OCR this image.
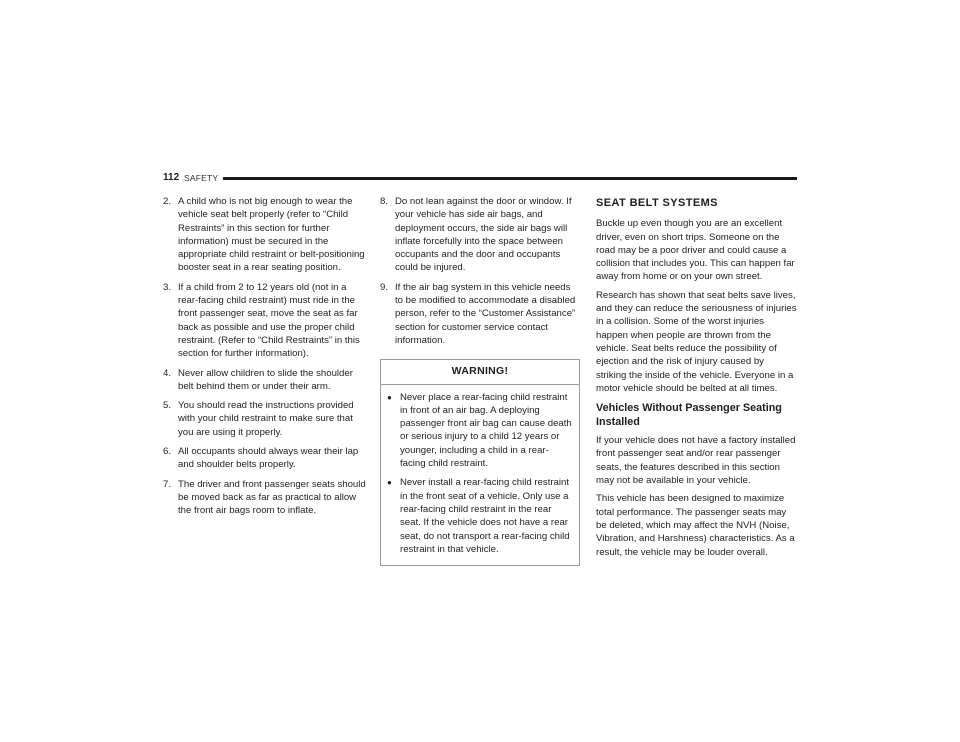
112 SAFETY
2. A child who is not big enough to wear the vehicle seat belt properly (refer to “Child Restraints” in this section for further information) must be secured in the appropriate child restraint or belt-positioning booster seat in a rear seating position.
3. If a child from 2 to 12 years old (not in a rear-facing child restraint) must ride in the front passenger seat, move the seat as far back as possible and use the proper child restraint. (Refer to “Child Restraints” in this section for further information).
4. Never allow children to slide the shoulder belt behind them or under their arm.
5. You should read the instructions provided with your child restraint to make sure that you are using it properly.
6. All occupants should always wear their lap and shoulder belts properly.
7. The driver and front passenger seats should be moved back as far as practical to allow the front air bags room to inflate.
8. Do not lean against the door or window. If your vehicle has side air bags, and deployment occurs, the side air bags will inflate forcefully into the space between occupants and the door and occupants could be injured.
9. If the air bag system in this vehicle needs to be modified to accommodate a disabled person, refer to the “Customer Assistance” section for customer service contact information.
WARNING!
● Never place a rear-facing child restraint in front of an air bag. A deploying passenger front air bag can cause death or serious injury to a child 12 years or younger, including a child in a rear-facing child restraint.
● Never install a rear-facing child restraint in the front seat of a vehicle. Only use a rear-facing child restraint in the rear seat. If the vehicle does not have a rear seat, do not transport a rear-facing child restraint in that vehicle.
SEAT BELT SYSTEMS

Buckle up even though you are an excellent driver, even on short trips. Someone on the road may be a poor driver and could cause a collision that includes you. This can happen far away from home or on your own street.

Research has shown that seat belts save lives, and they can reduce the seriousness of injuries in a collision. Some of the worst injuries happen when people are thrown from the vehicle. Seat belts reduce the possibility of ejection and the risk of injury caused by striking the inside of the vehicle. Everyone in a motor vehicle should be belted at all times.

Vehicles Without Passenger Seating Installed

If your vehicle does not have a factory installed front passenger seat and/or rear passenger seats, the features described in this section may not be available in your vehicle.

This vehicle has been designed to maximize total performance. The passenger seats may be deleted, which may affect the NVH (Noise, Vibration, and Harshness) characteristics. As a result, the vehicle may be louder overall.
